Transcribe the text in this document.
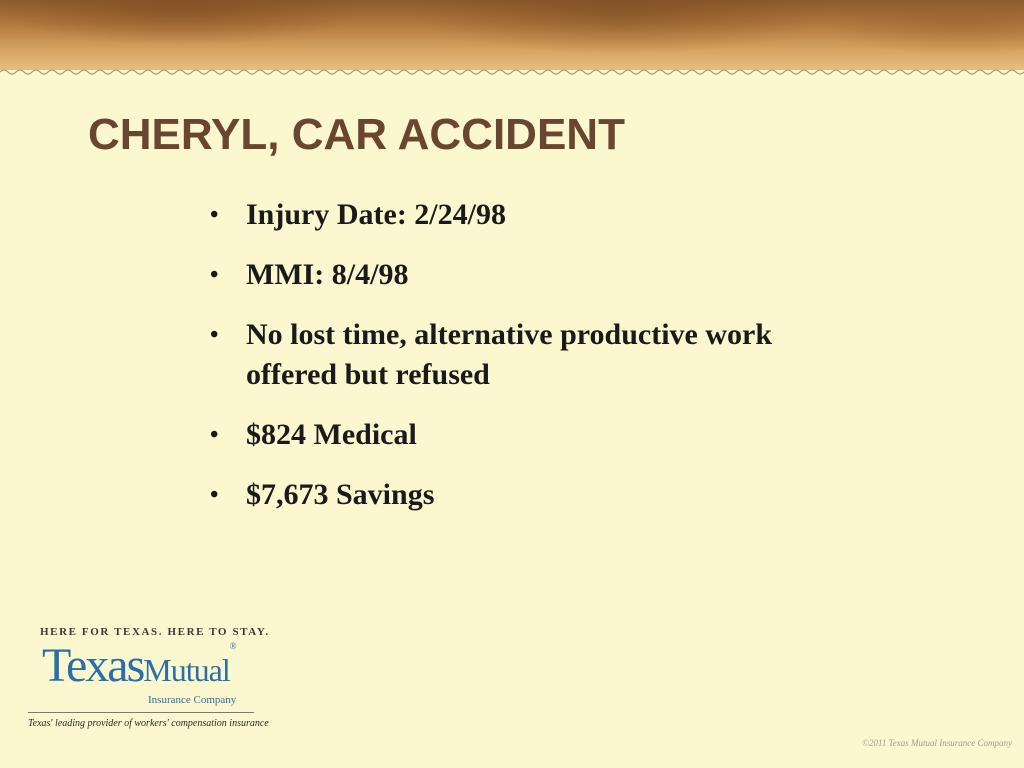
CHERYL, CAR ACCIDENT
• Injury Date: 2/24/98
• MMI: 8/4/98
• No lost time, alternative productive work offered but refused
• $824 Medical
• $7,673 Savings

HERE FOR TEXAS. HERE TO STAY.

TexasMutual®

Insurance Company

Texas' leading provider of workers' compensation insurance

©2011 Texas Mutual Insurance Company
